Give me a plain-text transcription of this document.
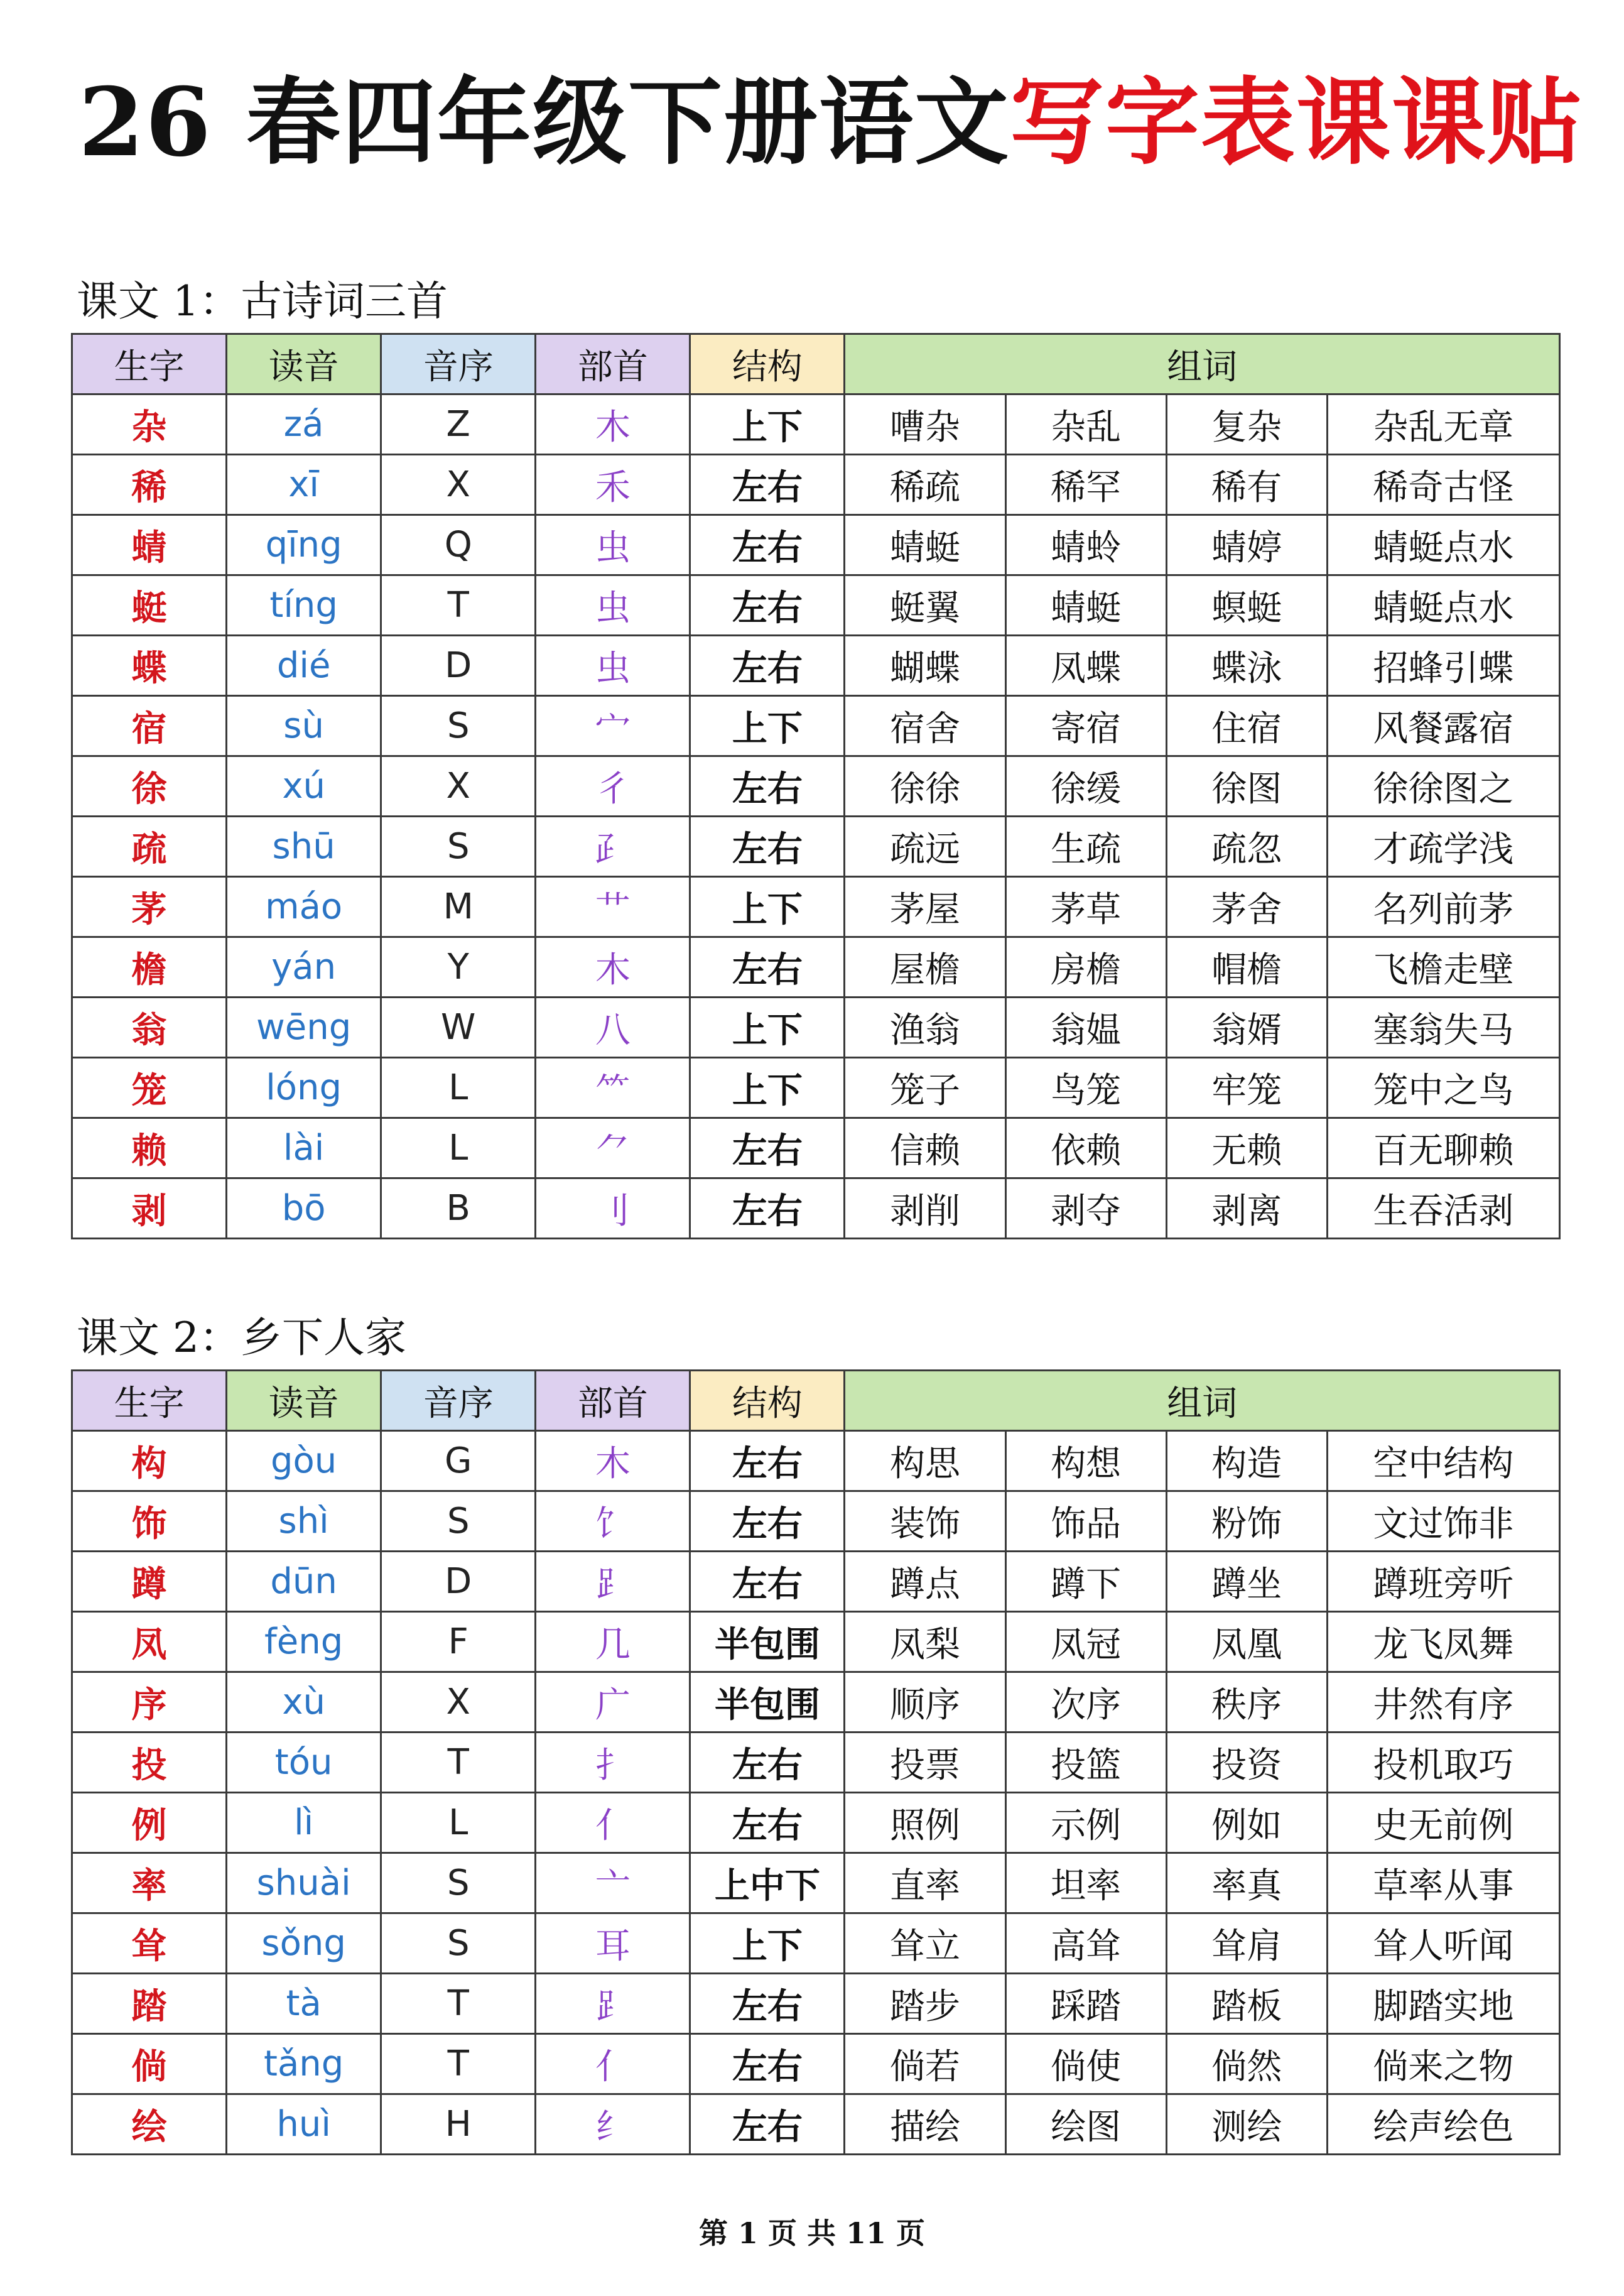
26 春四年级下册语文写字表课课贴
课文 1：古诗词三首
生字	读音	音序	部首	结构	组词			
杂	zá	Z	木	上下	嘈杂	杂乱	复杂	杂乱无章
稀	xī	X	禾	左右	稀疏	稀罕	稀有	稀奇古怪
蜻	qīng	Q	虫	左右	蜻蜓	蜻蛉	蜻婷	蜻蜓点水
蜓	tíng	T	虫	左右	蜓翼	蜻蜓	螟蜓	蜻蜓点水
蝶	dié	D	虫	左右	蝴蝶	凤蝶	蝶泳	招蜂引蝶
宿	sù	S	宀	上下	宿舍	寄宿	住宿	风餐露宿
徐	xú	X	彳	左右	徐徐	徐缓	徐图	徐徐图之
疏	shū	S	⺪	左右	疏远	生疏	疏忽	才疏学浅
茅	máo	M	艹	上下	茅屋	茅草	茅舍	名列前茅
檐	yán	Y	木	左右	屋檐	房檐	帽檐	飞檐走壁
翁	wēng	W	八	上下	渔翁	翁媪	翁婿	塞翁失马
笼	lóng	L	⺮	上下	笼子	鸟笼	牢笼	笼中之鸟
赖	lài	L	⺈	左右	信赖	依赖	无赖	百无聊赖
剥	bō	B	刂	左右	剥削	剥夺	剥离	生吞活剥
课文 2：乡下人家
生字	读音	音序	部首	结构	组词			
构	gòu	G	木	左右	构思	构想	构造	空中结构
饰	shì	S	饣	左右	装饰	饰品	粉饰	文过饰非
蹲	dūn	D	⻊	左右	蹲点	蹲下	蹲坐	蹲班旁听
凤	fèng	F	几	半包围	凤梨	凤冠	凤凰	龙飞凤舞
序	xù	X	广	半包围	顺序	次序	秩序	井然有序
投	tóu	T	扌	左右	投票	投篮	投资	投机取巧
例	lì	L	亻	左右	照例	示例	例如	史无前例
率	shuài	S	亠	上中下	直率	坦率	率真	草率从事
耸	sǒng	S	耳	上下	耸立	高耸	耸肩	耸人听闻
踏	tà	T	⻊	左右	踏步	踩踏	踏板	脚踏实地
倘	tǎng	T	亻	左右	倘若	倘使	倘然	倘来之物
绘	huì	H	纟	左右	描绘	绘图	测绘	绘声绘色
第 1 页 共 11 页
